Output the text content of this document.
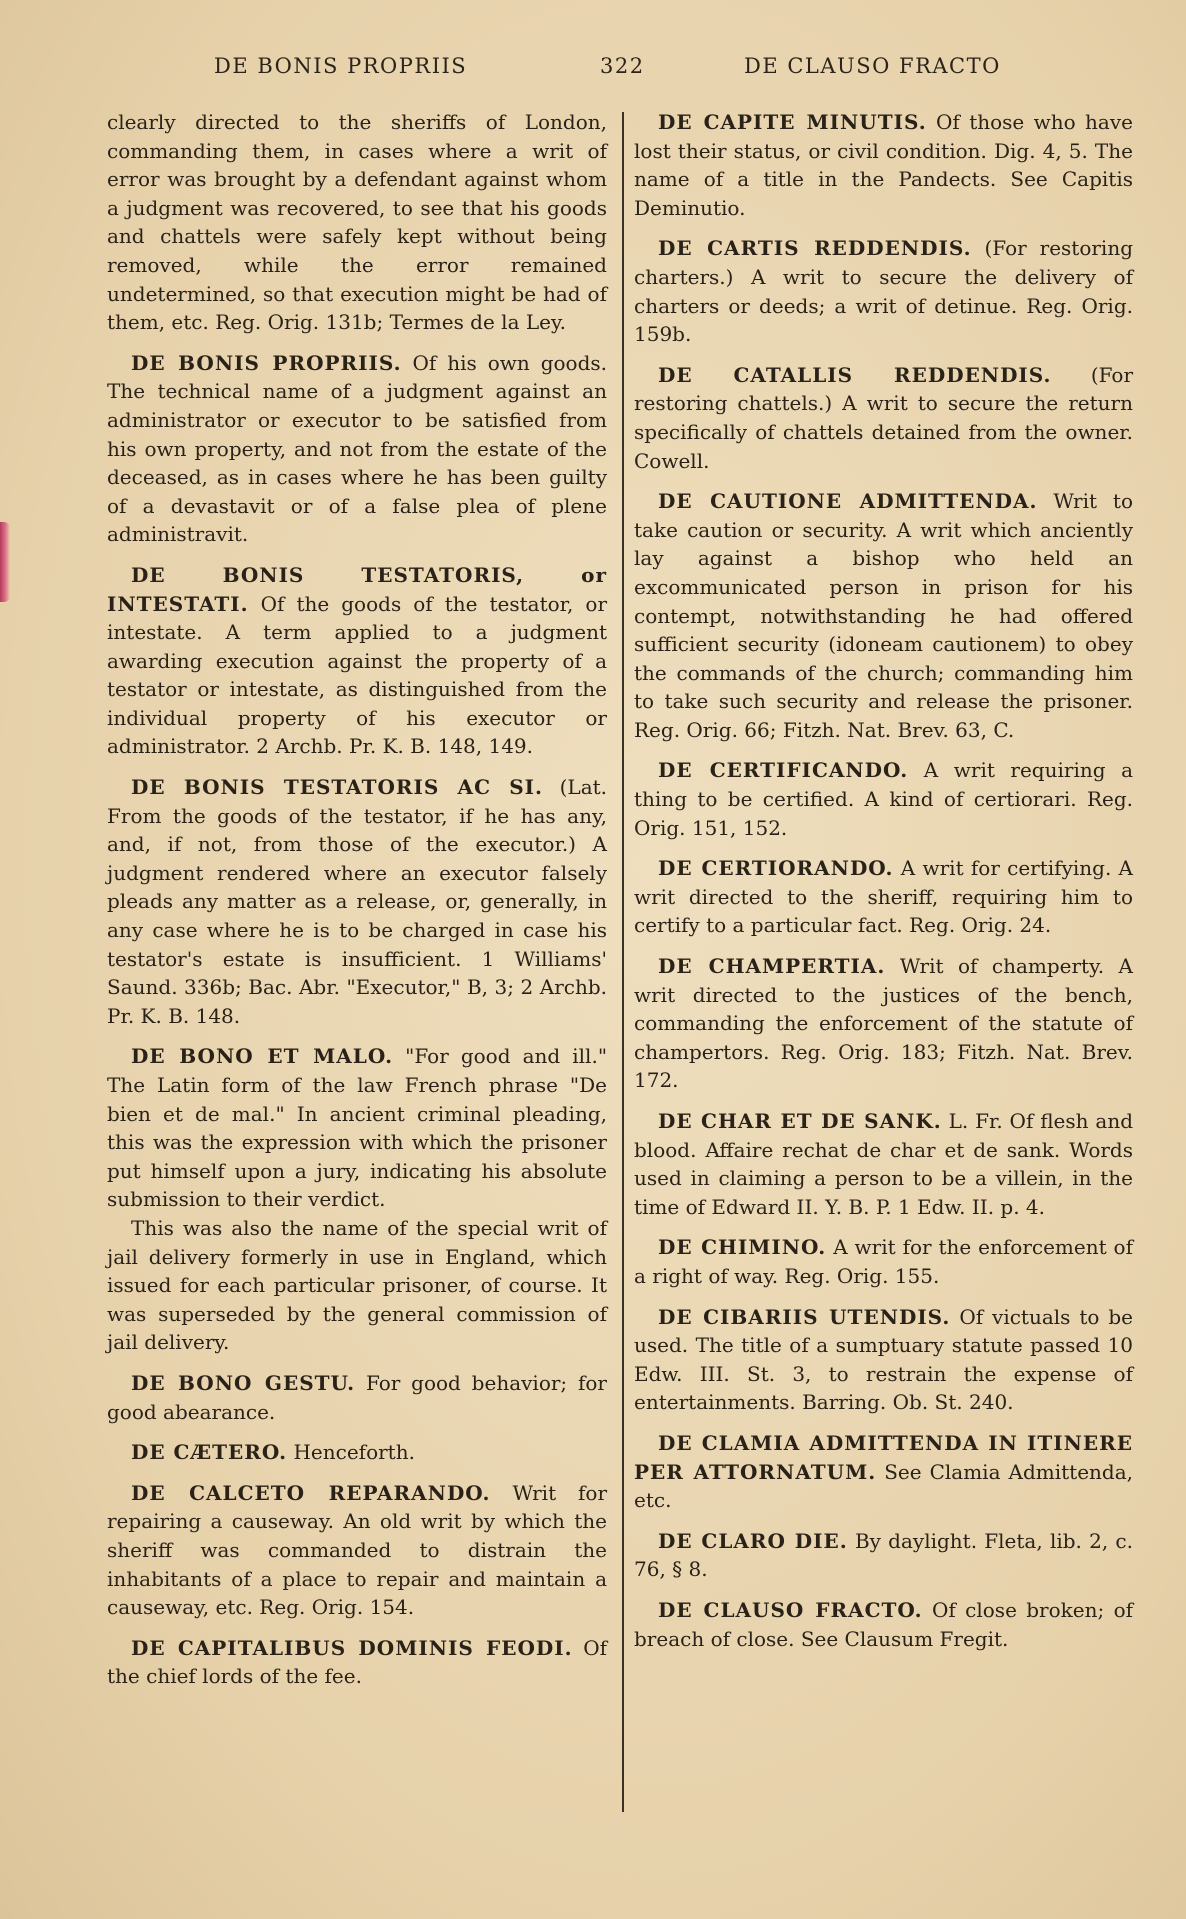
DE BONIS PROPRIIS	322	DE CLAUSO FRACTO

clearly directed to the sheriffs of London, commanding them, in cases where a writ of error was brought by a defendant against whom a judgment was recovered, to see that his goods and chattels were safely kept without being removed, while the error remained undetermined, so that execution might be had of them, etc. Reg. Orig. 131b; Termes de la Ley.

DE BONIS PROPRIIS. Of his own goods. The technical name of a judgment against an administrator or executor to be satisfied from his own property, and not from the estate of the deceased, as in cases where he has been guilty of a devastavit or of a false plea of plene administravit.

DE BONIS TESTATORIS, or INTESTATI. Of the goods of the testator, or intestate. A term applied to a judgment awarding execution against the property of a testator or intestate, as distinguished from the individual property of his executor or administrator. 2 Archb. Pr. K. B. 148, 149.

DE BONIS TESTATORIS AC SI. (Lat. From the goods of the testator, if he has any, and, if not, from those of the executor.) A judgment rendered where an executor falsely pleads any matter as a release, or, generally, in any case where he is to be charged in case his testator's estate is insufficient. 1 Williams' Saund. 336b; Bac. Abr. "Executor," B, 3; 2 Archb. Pr. K. B. 148.

DE BONO ET MALO. "For good and ill." The Latin form of the law French phrase "De bien et de mal." In ancient criminal pleading, this was the expression with which the prisoner put himself upon a jury, indicating his absolute submission to their verdict.

This was also the name of the special writ of jail delivery formerly in use in England, which issued for each particular prisoner, of course. It was superseded by the general commission of jail delivery.

DE BONO GESTU. For good behavior; for good abearance.

DE CÆTERO. Henceforth.

DE CALCETO REPARANDO. Writ for repairing a causeway. An old writ by which the sheriff was commanded to distrain the inhabitants of a place to repair and maintain a causeway, etc. Reg. Orig. 154.

DE CAPITALIBUS DOMINIS FEODI. Of the chief lords of the fee.

DE CAPITE MINUTIS. Of those who have lost their status, or civil condition. Dig. 4, 5. The name of a title in the Pandects. See Capitis Deminutio.

DE CARTIS REDDENDIS. (For restoring charters.) A writ to secure the delivery of charters or deeds; a writ of detinue. Reg. Orig. 159b.

DE CATALLIS REDDENDIS. (For restoring chattels.) A writ to secure the return specifically of chattels detained from the owner. Cowell.

DE CAUTIONE ADMITTENDA. Writ to take caution or security. A writ which anciently lay against a bishop who held an excommunicated person in prison for his contempt, notwithstanding he had offered sufficient security (idoneam cautionem) to obey the commands of the church; commanding him to take such security and release the prisoner. Reg. Orig. 66; Fitzh. Nat. Brev. 63, C.

DE CERTIFICANDO. A writ requiring a thing to be certified. A kind of certiorari. Reg. Orig. 151, 152.

DE CERTIORANDO. A writ for certifying. A writ directed to the sheriff, requiring him to certify to a particular fact. Reg. Orig. 24.

DE CHAMPERTIA. Writ of champerty. A writ directed to the justices of the bench, commanding the enforcement of the statute of champertors. Reg. Orig. 183; Fitzh. Nat. Brev. 172.

DE CHAR ET DE SANK. L. Fr. Of flesh and blood. Affaire rechat de char et de sank. Words used in claiming a person to be a villein, in the time of Edward II. Y. B. P. 1 Edw. II. p. 4.

DE CHIMINO. A writ for the enforcement of a right of way. Reg. Orig. 155.

DE CIBARIIS UTENDIS. Of victuals to be used. The title of a sumptuary statute passed 10 Edw. III. St. 3, to restrain the expense of entertainments. Barring. Ob. St. 240.

DE CLAMIA ADMITTENDA IN ITINERE PER ATTORNATUM. See Clamia Admittenda, etc.

DE CLARO DIE. By daylight. Fleta, lib. 2, c. 76, § 8.

DE CLAUSO FRACTO. Of close broken; of breach of close. See Clausum Fregit.
